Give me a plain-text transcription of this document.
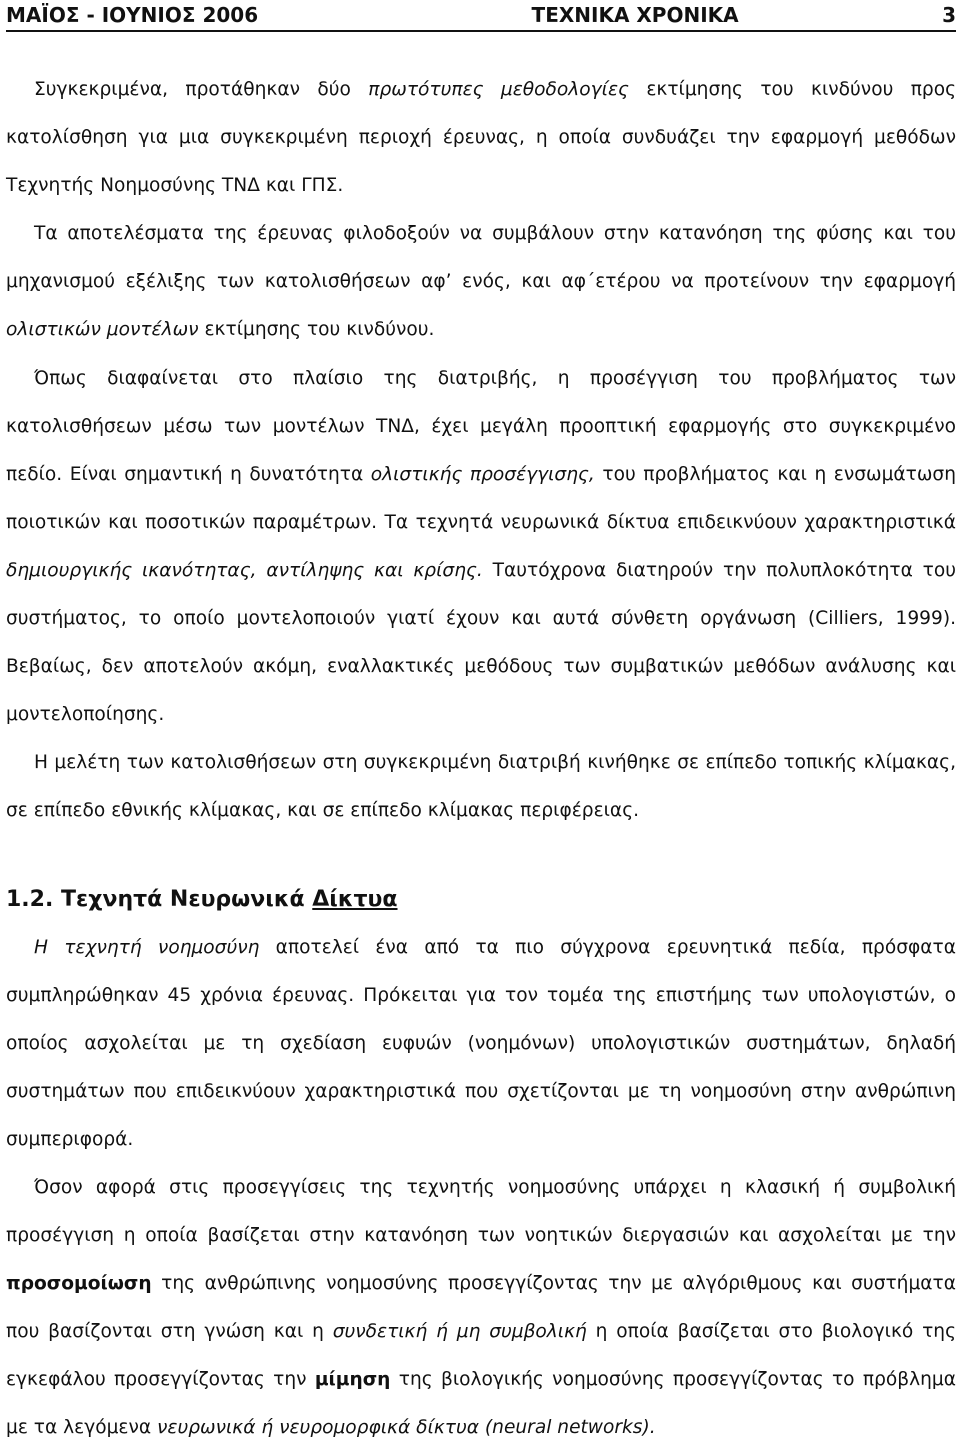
ΜΑΪΟΣ - ΙΟΥΝΙΟΣ 2006	ΤΕΧΝΙΚΑ ΧΡΟΝΙΚΑ	3

Συγκεκριμένα, προτάθηκαν δύο πρωτότυπες μεθοδολογίες εκτίμησης του κινδύνου προς κατολίσθηση για μια συγκεκριμένη περιοχή έρευνας, η οποία συνδυάζει την εφαρμογή μεθόδων Τεχνητής Νοημοσύνης ΤΝΔ και ΓΠΣ.

Τα αποτελέσματα της έρευνας φιλοδοξούν να συμβάλουν στην κατανόηση της φύσης και του μηχανισμού εξέλιξης των κατολισθήσεων αφ’ ενός, και αφ΄ετέρου να προτείνουν την εφαρμογή ολιστικών μοντέλων εκτίμησης του κινδύνου.

Όπως διαφαίνεται στο πλαίσιο της διατριβής, η προσέγγιση του προβλήματος των κατολισθήσεων μέσω των μοντέλων ΤΝΔ, έχει μεγάλη προοπτική εφαρμογής στο συγκεκριμένο πεδίο. Είναι σημαντική η δυνατότητα ολιστικής προσέγγισης, του προβλήματος και η ενσωμάτωση ποιοτικών και ποσοτικών παραμέτρων. Τα τεχνητά νευρωνικά δίκτυα επιδεικνύουν χαρακτηριστικά δημιουργικής ικανότητας, αντίληψης και κρίσης. Ταυτόχρονα διατηρούν την πολυπλοκότητα του συστήματος, το οποίο μοντελοποιούν γιατί έχουν και αυτά σύνθετη οργάνωση (Cilliers, 1999). Βεβαίως, δεν αποτελούν ακόμη, εναλλακτικές μεθόδους των συμβατικών μεθόδων ανάλυσης και μοντελοποίησης.

Η μελέτη των κατολισθήσεων στη συγκεκριμένη διατριβή κινήθηκε σε επίπεδο τοπικής κλίμακας, σε επίπεδο εθνικής κλίμακας, και σε επίπεδο κλίμακας περιφέρειας.

1.2. Τεχνητά Νευρωνικά Δίκτυα

Η τεχνητή νοημοσύνη αποτελεί ένα από τα πιο σύγχρονα ερευνητικά πεδία, πρόσφατα συμπληρώθηκαν 45 χρόνια έρευνας. Πρόκειται για τον τομέα της επιστήμης των υπολογιστών, ο οποίος ασχολείται με τη σχεδίαση ευφυών (νοημόνων) υπολογιστικών συστημάτων, δηλαδή συστημάτων που επιδεικνύουν χαρακτηριστικά που σχετίζονται με τη νοημοσύνη στην ανθρώπινη συμπεριφορά.

Όσον αφορά στις προσεγγίσεις της τεχνητής νοημοσύνης υπάρχει η κλασική ή συμβολική προσέγγιση η οποία βασίζεται στην κατανόηση των νοητικών διεργασιών και ασχολείται με την προσομοίωση της ανθρώπινης νοημοσύνης προσεγγίζοντας την με αλγόριθμους και συστήματα που βασίζονται στη γνώση και η συνδετική ή μη συμβολική η οποία βασίζεται στο βιολογικό της εγκεφάλου προσεγγίζοντας την μίμηση της βιολογικής νοημοσύνης προσεγγίζοντας το πρόβλημα με τα λεγόμενα νευρωνικά ή νευρομορφικά δίκτυα (neural networks).
